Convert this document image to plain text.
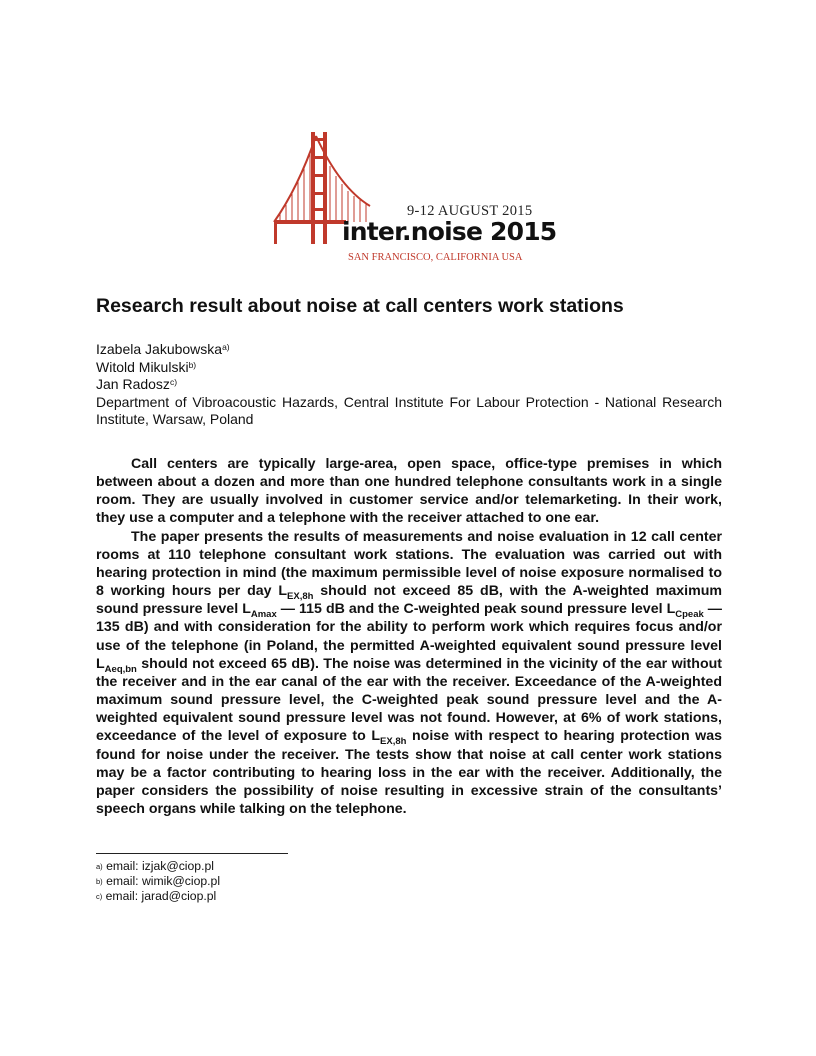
9-12 AUGUST 2015
inter.noise 2015
SAN FRANCISCO, CALIFORNIA USA
Research result about noise at call centers work stations
Izabela Jakubowska$^{a)}$
Witold Mikulski$^{b)}$
Jan Radosz$^{c)}$
Department of Vibroacoustic Hazards, Central Institute For Labour Protection - National Research Institute, Warsaw, Poland

Call centers are typically large-area, open space, office-type premises in which between about a dozen and more than one hundred telephone consultants work in a single room. They are usually involved in customer service and/or telemarketing. In their work, they use a computer and a telephone with the receiver attached to one ear.

The paper presents the results of measurements and noise evaluation in 12 call center rooms at 110 telephone consultant work stations. The evaluation was carried out with hearing protection in mind (the maximum permissible level of noise exposure normalised to 8 working hours per day $L_{EX,8h}$ should not exceed 85 dB, with the A-weighted maximum sound pressure level $L_{Amax}$ — 115 dB and the C-weighted peak sound pressure level $L_{Cpeak}$ — 135 dB) and with consideration for the ability to perform work which requires focus and/or use of the telephone (in Poland, the permitted A-weighted equivalent sound pressure level $L_{Aeq,bn}$ should not exceed 65 dB). The noise was determined in the vicinity of the ear without the receiver and in the ear canal of the ear with the receiver. Exceedance of the A-weighted maximum sound pressure level, the C-weighted peak sound pressure level and the A-weighted equivalent sound pressure level was not found. However, at 6% of work stations, exceedance of the level of exposure to $L_{EX,8h}$ noise with respect to hearing protection was found for noise under the receiver. The tests show that noise at call center work stations may be a factor contributing to hearing loss in the ear with the receiver. Additionally, the paper considers the possibility of noise resulting in excessive strain of the consultants’ speech organs while talking on the telephone.

$^{a)}$ email: izjak@ciop.pl
$^{b)}$ email: wimik@ciop.pl
$^{c)}$ email: jarad@ciop.pl
